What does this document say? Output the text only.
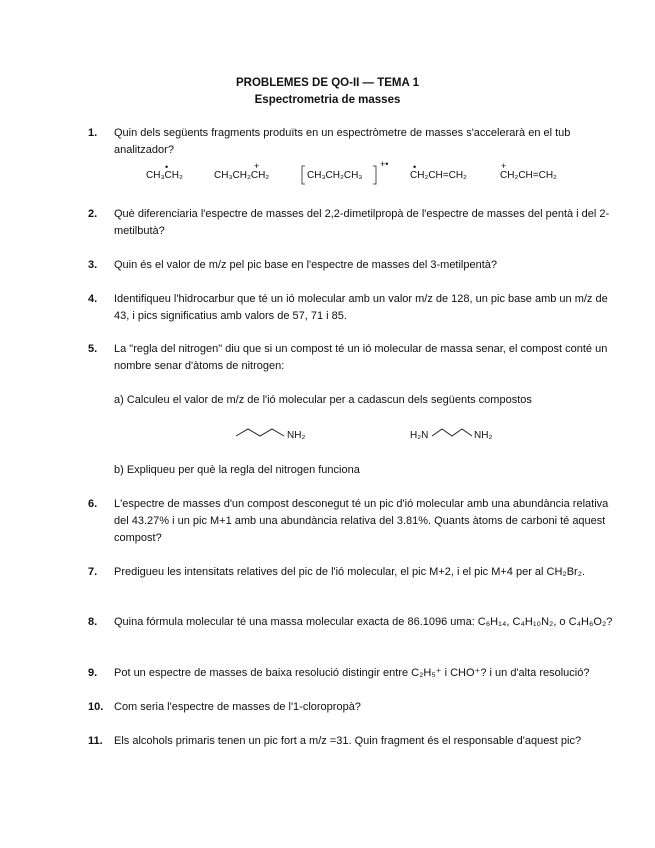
PROBLEMES DE QO-II — TEMA 1
Espectrometria de masses
1. Quin dels següents fragments produïts en un espectròmetre de masses s'accelerarà en el tub analitzador?
CH₃CH₂
•
CH₃CH₂CH₂
+
CH₃CH₂CH₃
+•
CH₂CH=CH₂
•
CH₂CH=CH₂
+
2. Què diferenciaria l'espectre de masses del 2,2-dimetilpropà de l'espectre de masses del pentà i del 2-metilbutà?
3. Quin és el valor de m/z pel pic base en l'espectre de masses del 3-metilpentà?
4. Identifiqueu l'hidrocarbur que té un ió molecular amb un valor m/z de 128, un pic base amb un m/z de 43, i pics significatius amb valors de 57, 71 i 85.
5. La "regla del nitrogen" diu que si un compost té un ió molecular de massa senar, el compost conté un nombre senar d'àtoms de nitrogen:
a) Calculeu el valor de m/z de l'ió molecular per a cadascun dels següents compostos
NH₂	H₂N	NH₂
b) Expliqueu per què la regla del nitrogen funciona
6. L'espectre de masses d'un compost desconegut té un pic d'ió molecular amb una abundància relativa del 43.27% i un pic M+1 amb una abundància relativa del 3.81%. Quants àtoms de carboni té aquest compost?
7. Prediguеu les intensitats relatives del pic de l'ió molecular, el pic M+2, i el pic M+4 per al CH₂Br₂.
8. Quina fórmula molecular té una massa molecular exacta de 86.1096 uma: C₆H₁₄, C₄H₁₀N₂, o C₄H₆O₂?
9. Pot un espectre de masses de baixa resolució distingir entre C₂H₅⁺ i CHO⁺? i un d'alta resolució?
10. Com seria l'espectre de masses de l'1-cloropropà?
11. Els alcohols primaris tenen un pic fort a m/z =31. Quin fragment és el responsable d'aquest pic?
